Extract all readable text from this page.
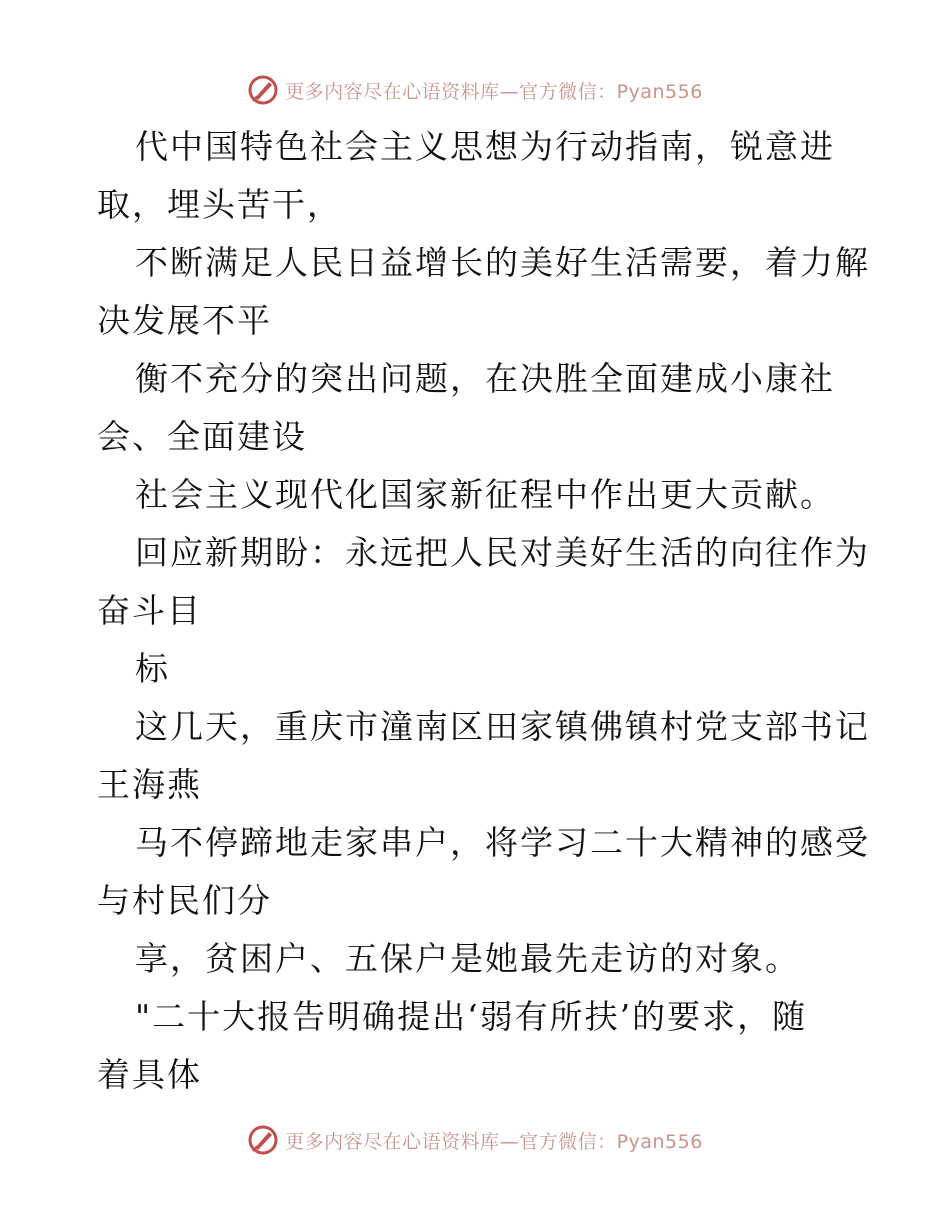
更多内容尽在心语资料库—官方微信：Pyan556
代中国特色社会主义思想为行动指南，锐意进
取，埋头苦干，
不断满足人民日益增长的美好生活需要，着力解
决发展不平
衡不充分的突出问题，在决胜全面建成小康社
会、全面建设
社会主义现代化国家新征程中作出更大贡献。
回应新期盼：永远把人民对美好生活的向往作为
奋斗目
标
这几天，重庆市潼南区田家镇佛镇村党支部书记
王海燕
马不停蹄地走家串户，将学习二十大精神的感受
与村民们分
享，贫困户、五保户是她最先走访的对象。
"二十大报告明确提出‘弱有所扶’的要求，随
着具体
更多内容尽在心语资料库—官方微信：Pyan556
